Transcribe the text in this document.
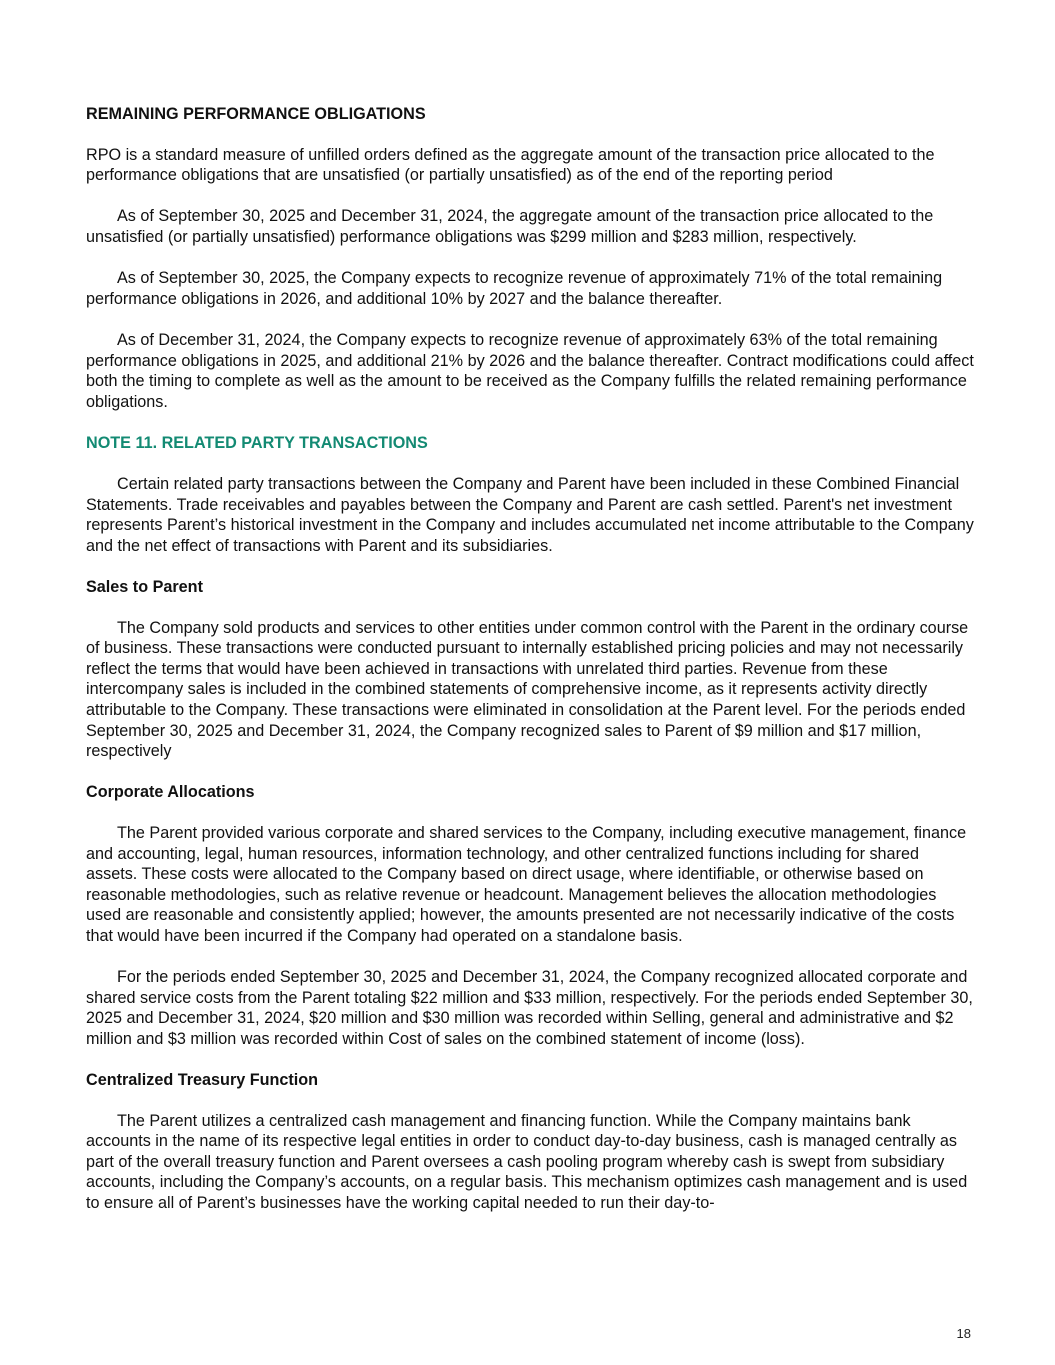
REMAINING PERFORMANCE OBLIGATIONS

RPO is a standard measure of unfilled orders defined as the aggregate amount of the transaction price allocated to the performance obligations that are unsatisfied (or partially unsatisfied) as of the end of the reporting period

As of September 30, 2025 and December 31, 2024, the aggregate amount of the transaction price allocated to the unsatisfied (or partially unsatisfied) performance obligations was $299 million and $283 million, respectively.

As of September 30, 2025, the Company expects to recognize revenue of approximately 71% of the total remaining performance obligations in 2026, and additional 10% by 2027 and the balance thereafter.

As of December 31, 2024, the Company expects to recognize revenue of approximately 63% of the total remaining performance obligations in 2025, and additional 21% by 2026 and the balance thereafter. Contract modifications could affect both the timing to complete as well as the amount to be received as the Company fulfills the related remaining performance obligations.

NOTE 11. RELATED PARTY TRANSACTIONS

Certain related party transactions between the Company and Parent have been included in these Combined Financial Statements. Trade receivables and payables between the Company and Parent are cash settled. Parent's net investment represents Parent’s historical investment in the Company and includes accumulated net income attributable to the Company and the net effect of transactions with Parent and its subsidiaries.

Sales to Parent

The Company sold products and services to other entities under common control with the Parent in the ordinary course of business. These transactions were conducted pursuant to internally established pricing policies and may not necessarily reflect the terms that would have been achieved in transactions with unrelated third parties. Revenue from these intercompany sales is included in the combined statements of comprehensive income, as it represents activity directly attributable to the Company. These transactions were eliminated in consolidation at the Parent level. For the periods ended September 30, 2025 and December 31, 2024, the Company recognized sales to Parent of $9 million and $17 million, respectively

Corporate Allocations

The Parent provided various corporate and shared services to the Company, including executive management, finance and accounting, legal, human resources, information technology, and other centralized functions including for shared assets. These costs were allocated to the Company based on direct usage, where identifiable, or otherwise based on reasonable methodologies, such as relative revenue or headcount. Management believes the allocation methodologies used are reasonable and consistently applied; however, the amounts presented are not necessarily indicative of the costs that would have been incurred if the Company had operated on a standalone basis.

For the periods ended September 30, 2025 and December 31, 2024, the Company recognized allocated corporate and shared service costs from the Parent totaling $22 million and $33 million, respectively. For the periods ended September 30, 2025 and December 31, 2024, $20 million and $30 million was recorded within Selling, general and administrative and $2 million and $3 million was recorded within Cost of sales on the combined statement of income (loss).

Centralized Treasury Function

The Parent utilizes a centralized cash management and financing function. While the Company maintains bank accounts in the name of its respective legal entities in order to conduct day-to-day business, cash is managed centrally as part of the overall treasury function and Parent oversees a cash pooling program whereby cash is swept from subsidiary accounts, including the Company’s accounts, on a regular basis. This mechanism optimizes cash management and is used to ensure all of Parent’s businesses have the working capital needed to run their day-to-

18
